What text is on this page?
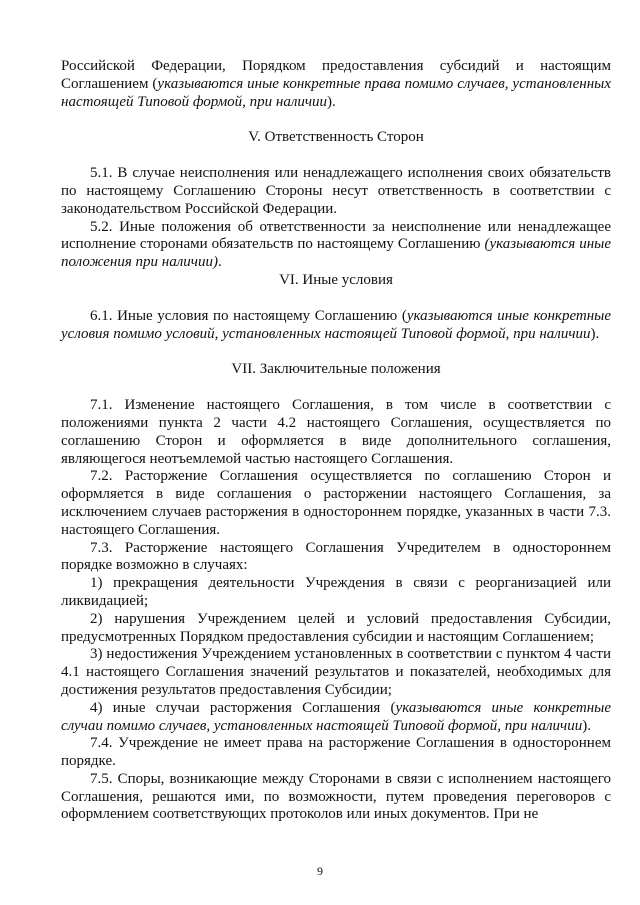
Российской Федерации, Порядком предоставления субсидий и настоящим Соглашением (указываются иные конкретные права помимо случаев, установленных настоящей Типовой формой, при наличии).

V. Ответственность Сторон

5.1. В случае неисполнения или ненадлежащего исполнения своих обязательств по настоящему Соглашению Стороны несут ответственность в соответствии с законодательством Российской Федерации.

5.2. Иные положения об ответственности за неисполнение или ненадлежащее исполнение сторонами обязательств по настоящему Соглашению (указываются иные положения при наличии).

VI. Иные условия

6.1. Иные условия по настоящему Соглашению (указываются иные конкретные условия помимо условий, установленных настоящей Типовой формой, при наличии).

VII. Заключительные положения

7.1. Изменение настоящего Соглашения, в том числе в соответствии с положениями пункта 2 части 4.2 настоящего Соглашения, осуществляется по соглашению Сторон и оформляется в виде дополнительного соглашения, являющегося неотъемлемой частью настоящего Соглашения.

7.2. Расторжение Соглашения осуществляется по соглашению Сторон и оформляется в виде соглашения о расторжении настоящего Соглашения, за исключением случаев расторжения в одностороннем порядке, указанных в части 7.3. настоящего Соглашения.

7.3. Расторжение настоящего Соглашения Учредителем в одностороннем порядке возможно в случаях:

1) прекращения деятельности Учреждения в связи с реорганизацией или ликвидацией;

2) нарушения Учреждением целей и условий предоставления Субсидии, предусмотренных Порядком предоставления субсидии и настоящим Соглашением;

3) недостижения Учреждением установленных в соответствии с пунктом 4 части 4.1 настоящего Соглашения значений результатов и показателей, необходимых для достижения результатов предоставления Субсидии;

4) иные случаи расторжения Соглашения (указываются иные конкретные случаи помимо случаев, установленных настоящей Типовой формой, при наличии).

7.4. Учреждение не имеет права на расторжение Соглашения в одностороннем порядке.

7.5. Споры, возникающие между Сторонами в связи с исполнением настоящего Соглашения, решаются ими, по возможности, путем проведения переговоров с оформлением соответствующих протоколов или иных документов. При не

9
